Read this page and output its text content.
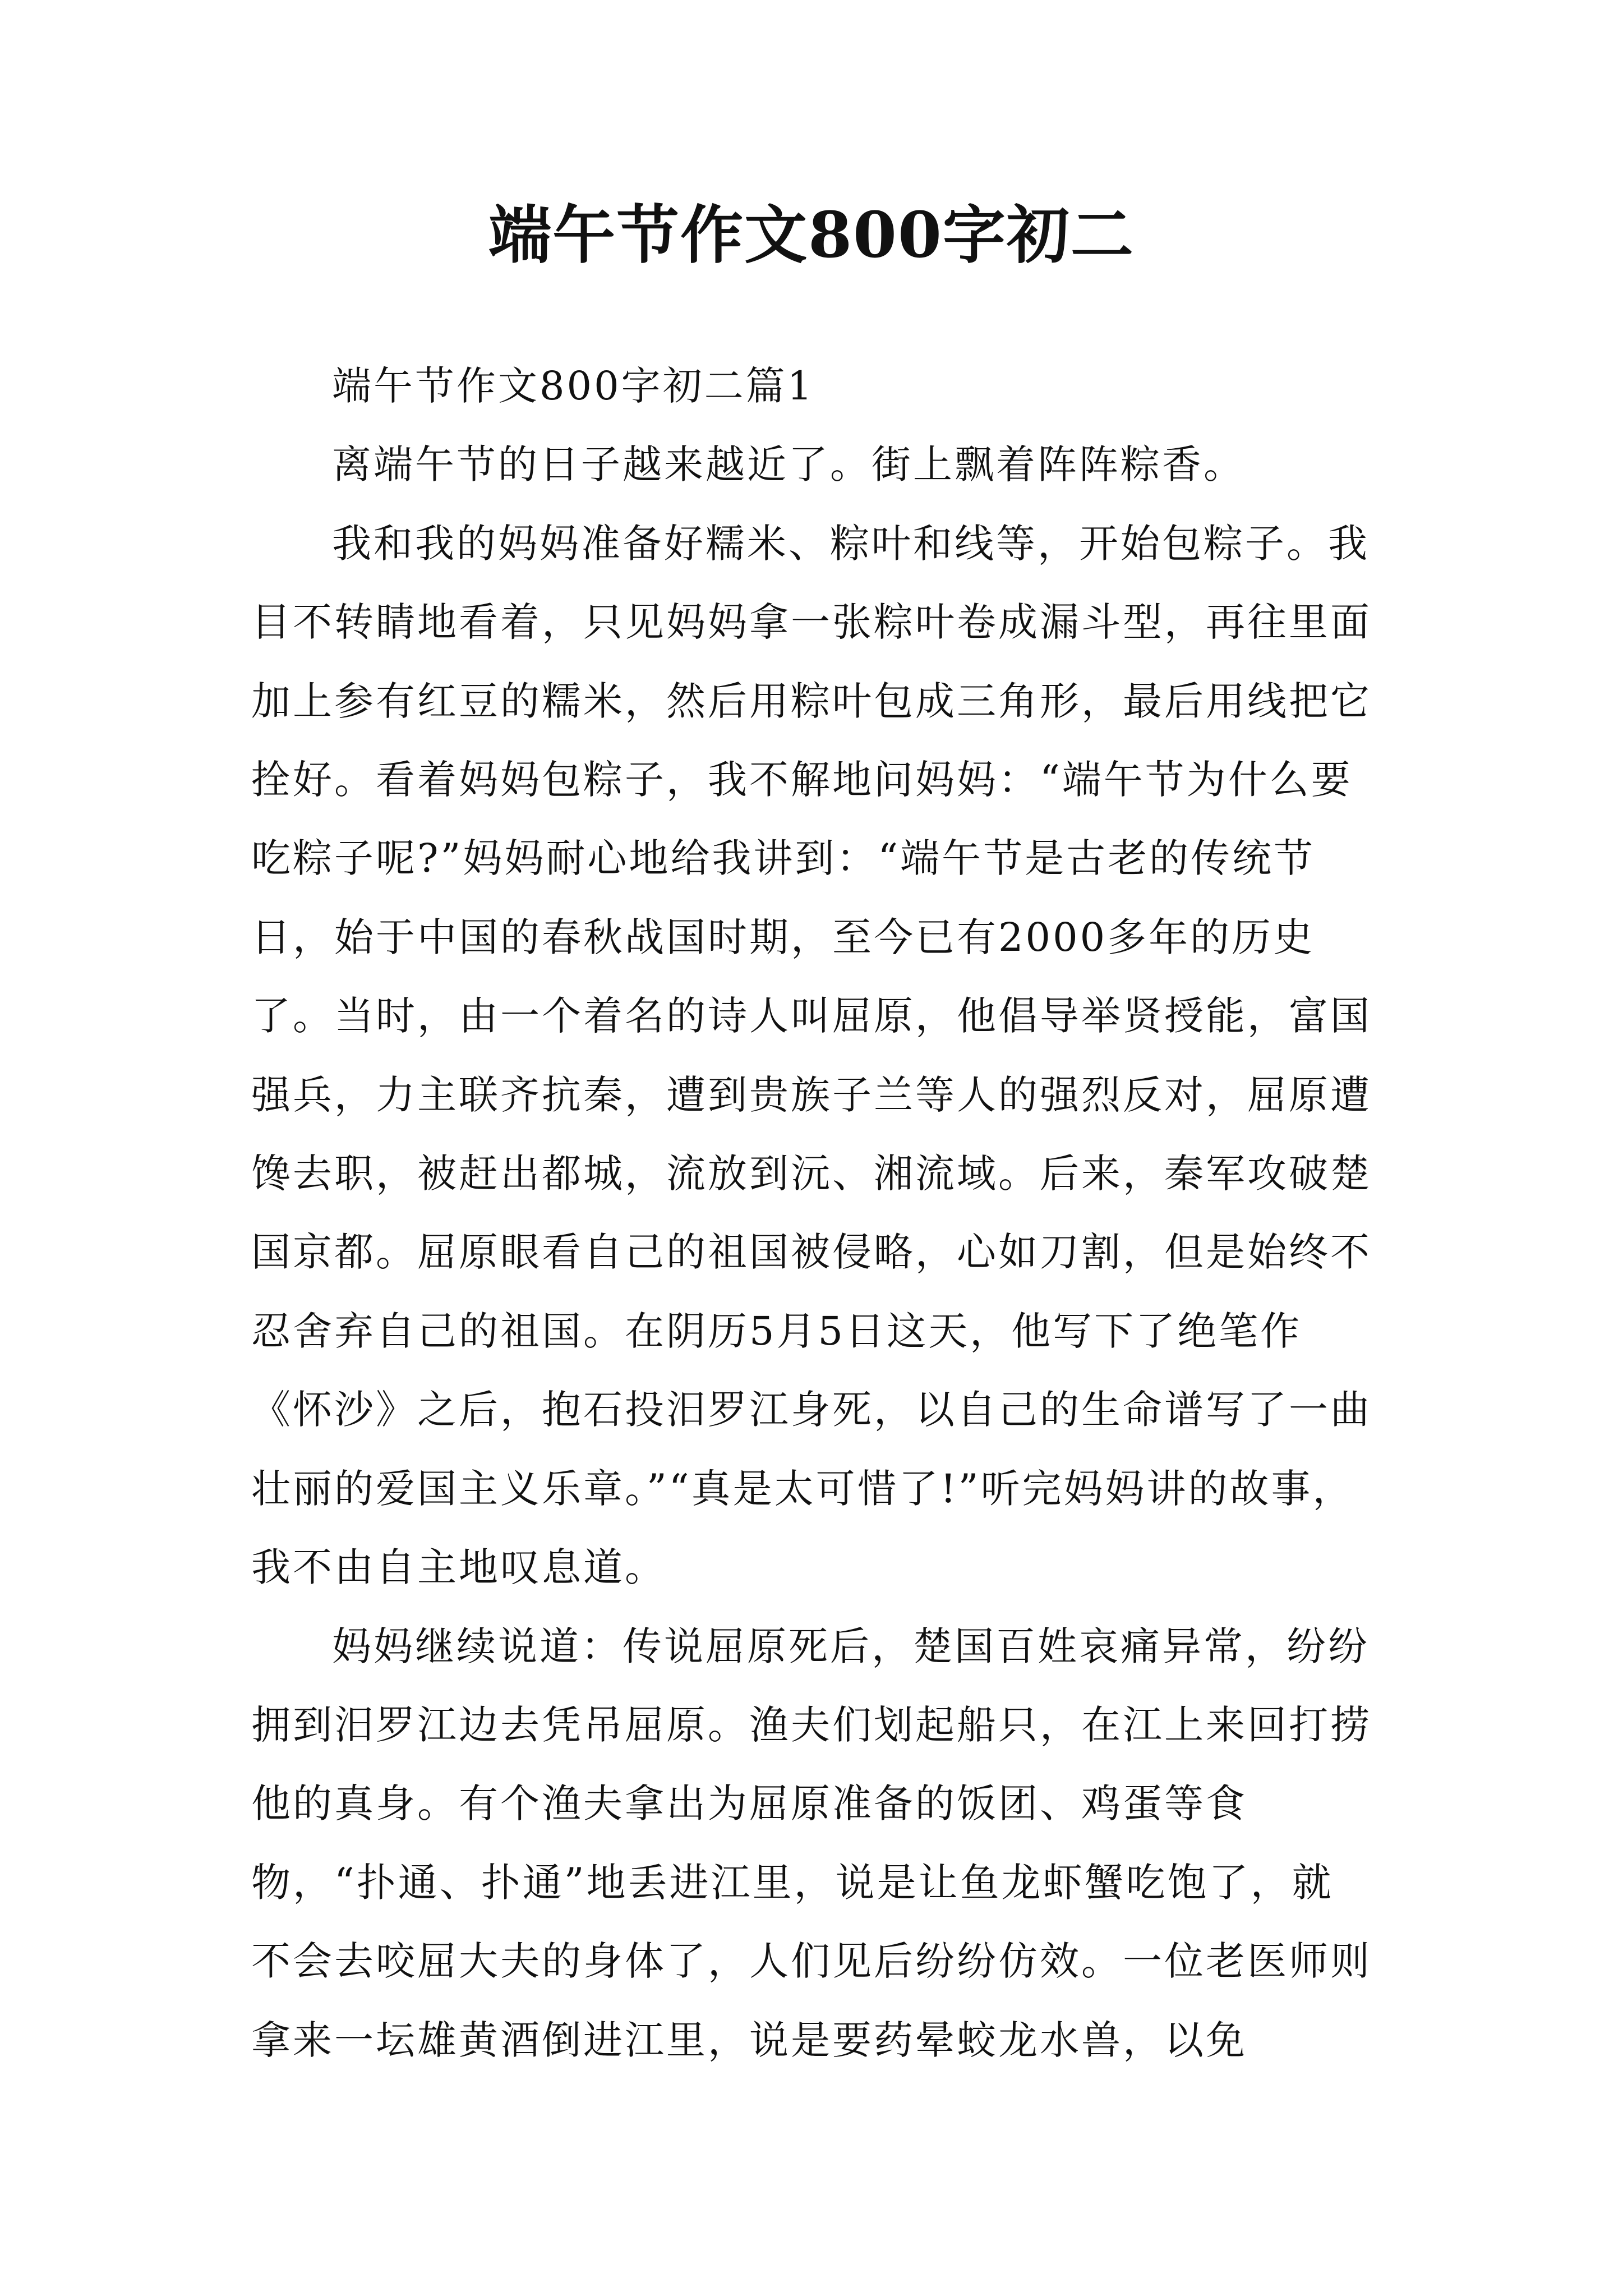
端午节作文800字初二

端午节作文800字初二篇1

离端午节的日子越来越近了。街上飘着阵阵粽香。

我和我的妈妈准备好糯米、粽叶和线等，开始包粽子。我目不转睛地看着，只见妈妈拿一张粽叶卷成漏斗型，再往里面加上参有红豆的糯米，然后用粽叶包成三角形，最后用线把它拴好。看着妈妈包粽子，我不解地问妈妈：“端午节为什么要吃粽子呢?”妈妈耐心地给我讲到：“端午节是古老的传统节日，始于中国的春秋战国时期，至今已有2000多年的历史了。当时，由一个着名的诗人叫屈原，他倡导举贤授能，富国强兵，力主联齐抗秦，遭到贵族子兰等人的强烈反对，屈原遭馋去职，被赶出都城，流放到沅、湘流域。后来，秦军攻破楚国京都。屈原眼看自己的祖国被侵略，心如刀割，但是始终不忍舍弃自己的祖国。在阴历5月5日这天，他写下了绝笔作《怀沙》之后，抱石投汨罗江身死，以自己的生命谱写了一曲壮丽的爱国主义乐章。”“真是太可惜了!”听完妈妈讲的故事，我不由自主地叹息道。

妈妈继续说道：传说屈原死后，楚国百姓哀痛异常，纷纷拥到汨罗江边去凭吊屈原。渔夫们划起船只，在江上来回打捞他的真身。有个渔夫拿出为屈原准备的饭团、鸡蛋等食物，“扑通、扑通”地丢进江里，说是让鱼龙虾蟹吃饱了，就不会去咬屈大夫的身体了，人们见后纷纷仿效。一位老医师则拿来一坛雄黄酒倒进江里，说是要药晕蛟龙水兽，以免
